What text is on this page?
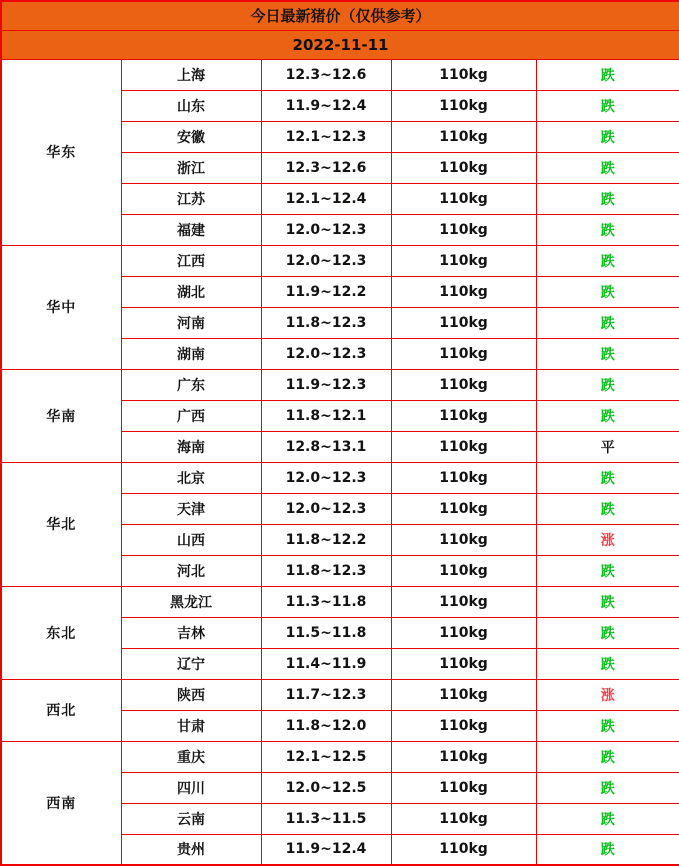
今日最新猪价（仅供参考）				
2022-11-11				
华东	上海	12.3~12.6	110kg	跌
	山东	11.9~12.4	110kg	跌
	安徽	12.1~12.3	110kg	跌
	浙江	12.3~12.6	110kg	跌
	江苏	12.1~12.4	110kg	跌
	福建	12.0~12.3	110kg	跌
华中	江西	12.0~12.3	110kg	跌
	湖北	11.9~12.2	110kg	跌
	河南	11.8~12.3	110kg	跌
	湖南	12.0~12.3	110kg	跌
华南	广东	11.9~12.3	110kg	跌
	广西	11.8~12.1	110kg	跌
	海南	12.8~13.1	110kg	平
华北	北京	12.0~12.3	110kg	跌
	天津	12.0~12.3	110kg	跌
	山西	11.8~12.2	110kg	涨
	河北	11.8~12.3	110kg	跌
东北	黑龙江	11.3~11.8	110kg	跌
	吉林	11.5~11.8	110kg	跌
	辽宁	11.4~11.9	110kg	跌
西北	陕西	11.7~12.3	110kg	涨
	甘肃	11.8~12.0	110kg	跌
西南	重庆	12.1~12.5	110kg	跌
	四川	12.0~12.5	110kg	跌
	云南	11.3~11.5	110kg	跌
	贵州	11.9~12.4	110kg	跌
